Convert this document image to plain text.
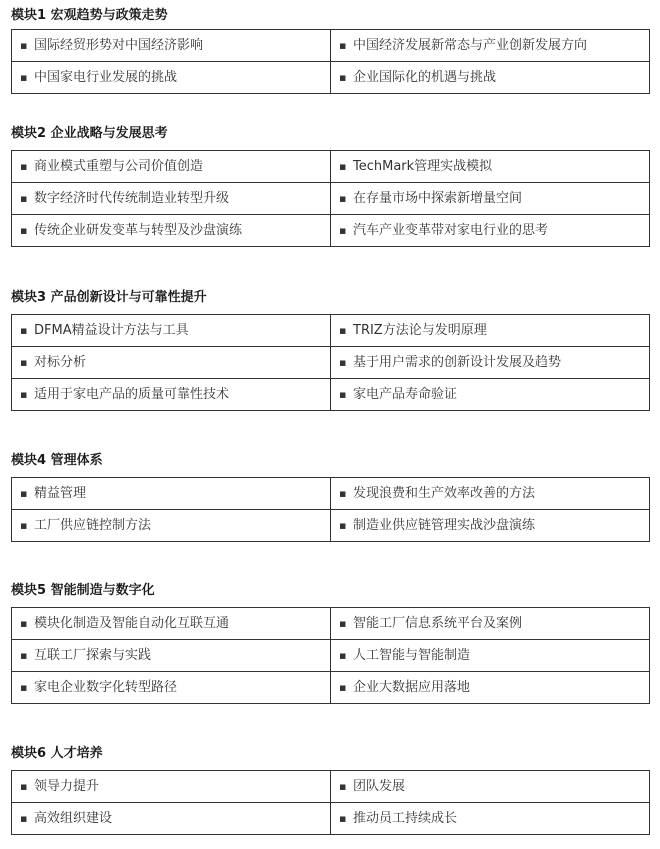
模块1 宏观趋势与政策走势
▪ 国际经贸形势对中国经济影响	▪ 中国经济发展新常态与产业创新发展方向
▪ 中国家电行业发展的挑战	▪ 企业国际化的机遇与挑战
模块2 企业战略与发展思考
▪ 商业模式重塑与公司价值创造	▪ TechMark管理实战模拟
▪ 数字经济时代传统制造业转型升级	▪ 在存量市场中探索新增量空间
▪ 传统企业研发变革与转型及沙盘演练	▪ 汽车产业变革带对家电行业的思考
模块3 产品创新设计与可靠性提升
▪ DFMA精益设计方法与工具	▪ TRIZ方法论与发明原理
▪ 对标分析	▪ 基于用户需求的创新设计发展及趋势
▪ 适用于家电产品的质量可靠性技术	▪ 家电产品寿命验证
模块4 管理体系
▪ 精益管理	▪ 发现浪费和生产效率改善的方法
▪ 工厂供应链控制方法	▪ 制造业供应链管理实战沙盘演练
模块5 智能制造与数字化
▪ 模块化制造及智能自动化互联互通	▪ 智能工厂信息系统平台及案例
▪ 互联工厂探索与实践	▪ 人工智能与智能制造
▪ 家电企业数字化转型路径	▪ 企业大数据应用落地
模块6 人才培养
▪ 领导力提升	▪ 团队发展
▪ 高效组织建设	▪ 推动员工持续成长
